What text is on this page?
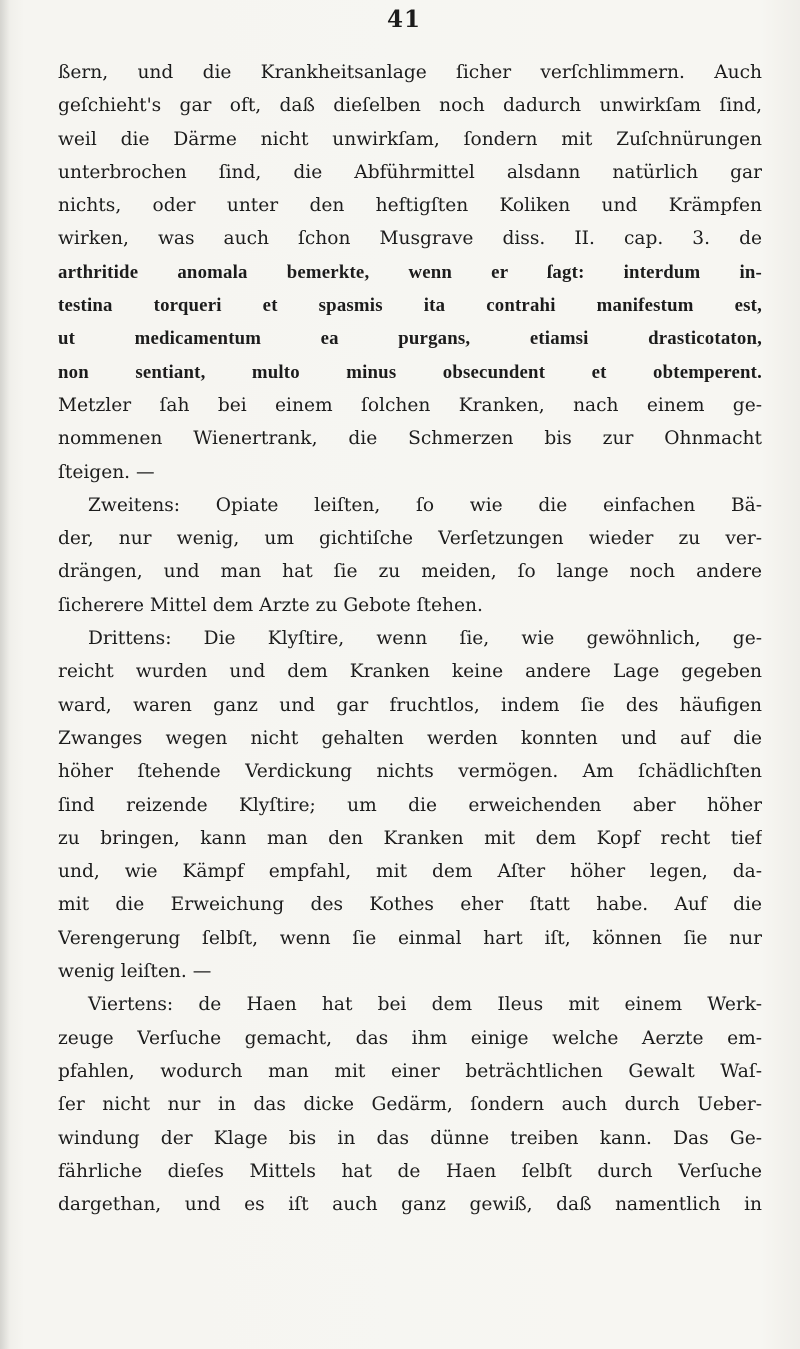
41
ßern, und die Krankheitsanlage ſicher verſchlimmern. Auch
geſchieht's gar oft, daß dieſelben noch dadurch unwirkſam ſind,
weil die Därme nicht unwirkſam, ſondern mit Zuſchnürungen
unterbrochen ſind, die Abführmittel alsdann natürlich gar
nichts, oder unter den heftigſten Koliken und Krämpfen
wirken, was auch ſchon Musgrave diss. II. cap. 3. de
arthritide anomala bemerkte, wenn er ſagt: interdum in-
testina torqueri et spasmis ita contrahi manifestum est,
ut medicamentum ea purgans, etiamsi drasticotaton,
non sentiant, multo minus obsecundent et obtemperent.
Metzler ſah bei einem ſolchen Kranken, nach einem ge-
nommenen Wienertrank, die Schmerzen bis zur Ohnmacht
ſteigen. —
Zweitens: Opiate leiſten, ſo wie die einfachen Bä-
der, nur wenig, um gichtiſche Verſetzungen wieder zu ver-
drängen, und man hat ſie zu meiden, ſo lange noch andere
ſicherere Mittel dem Arzte zu Gebote ſtehen.
Drittens: Die Klyſtire, wenn ſie, wie gewöhnlich, ge-
reicht wurden und dem Kranken keine andere Lage gegeben
ward, waren ganz und gar fruchtlos, indem ſie des häufigen
Zwanges wegen nicht gehalten werden konnten und auf die
höher ſtehende Verdickung nichts vermögen. Am ſchädlichſten
ſind reizende Klyſtire; um die erweichenden aber höher
zu bringen, kann man den Kranken mit dem Kopf recht tief
und, wie Kämpf empfahl, mit dem Aſter höher legen, da-
mit die Erweichung des Kothes eher ſtatt habe. Auf die
Verengerung ſelbſt, wenn ſie einmal hart iſt, können ſie nur
wenig leiſten. —
Viertens: de Haen hat bei dem Ileus mit einem Werk-
zeuge Verſuche gemacht, das ihm einige welche Aerzte em-
pfahlen, wodurch man mit einer beträchtlichen Gewalt Waſ-
ſer nicht nur in das dicke Gedärm, ſondern auch durch Ueber-
windung der Klage bis in das dünne treiben kann. Das Ge-
fährliche dieſes Mittels hat de Haen ſelbſt durch Verſuche
dargethan, und es iſt auch ganz gewiß, daß namentlich in
